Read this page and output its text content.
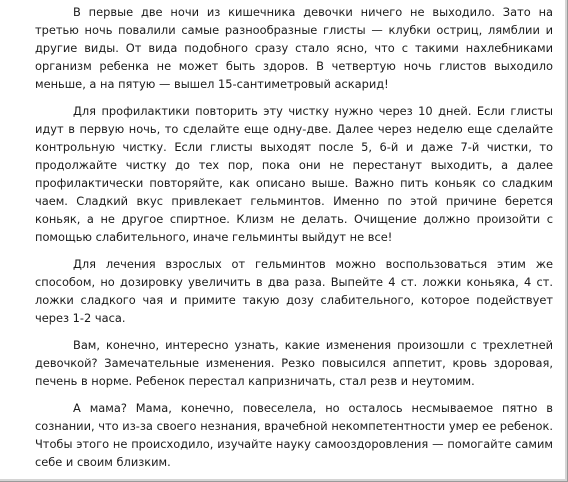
В первые две ночи из кишечника девочки ничего не выходило. Зато на третью ночь повалили самые разнообразные глисты — клубки остриц, лямблии и другие виды. От вида подобного сразу стало ясно, что с такими нахлебниками организм ребенка не может быть здоров. В четвертую ночь глистов выходило меньше, а на пятую — вышел 15-сантиметровый аскарид!

Для профилактики повторить эту чистку нужно через 10 дней. Если глисты идут в первую ночь, то сделайте еще одну-две. Далее через неделю еще сделайте контрольную чистку. Если глисты выходят после 5, 6-й и даже 7-й чистки, то продолжайте чистку до тех пор, пока они не перестанут выходить, а далее профилактически повторяйте, как описано выше. Важно пить коньяк со сладким чаем. Сладкий вкус привлекает гельминтов. Именно по этой причине берется коньяк, а не другое спиртное. Клизм не делать. Очищение должно произойти с помощью слабительного, иначе гельминты выйдут не все!

Для лечения взрослых от гельминтов можно воспользоваться этим же способом, но дозировку увеличить в два раза. Выпейте 4 ст. ложки коньяка, 4 ст. ложки сладкого чая и примите такую дозу слабительного, которое подействует через 1-2 часа.

Вам, конечно, интересно узнать, какие изменения произошли с трехлетней девочкой? Замечательные изменения. Резко повысился аппетит, кровь здоровая, печень в норме. Ребенок перестал капризничать, стал резв и неутомим.

А мама? Мама, конечно, повеселела, но осталось несмываемое пятно в сознании, что из-за своего незнания, врачебной некомпетентности умер ее ребенок. Чтобы этого не происходило, изучайте науку самооздоровления — помогайте самим себе и своим близким.
